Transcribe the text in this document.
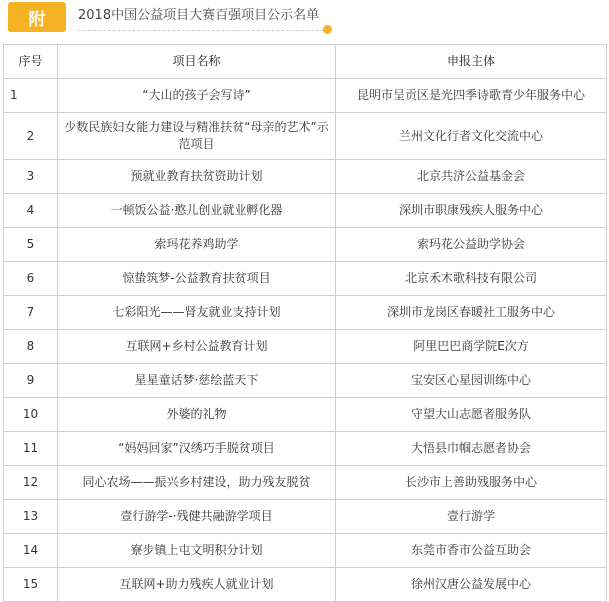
附	2018中国公益项目大赛百强项目公示名单
序号	项目名称	申报主体
1	“大山的孩子会写诗”	昆明市呈贡区是光四季诗歌青少年服务中心
2	少数民族妇女能力建设与精准扶贫“母亲的艺术”示范项目	兰州文化行者文化交流中心
3	预就业教育扶贫资助计划	北京共济公益基金会
4	一顿饭公益·憨儿创业就业孵化器	深圳市职康残疾人服务中心
5	索玛花养鸡助学	索玛花公益助学协会
6	惊蛰筑梦-公益教育扶贫项目	北京禾木歌科技有限公司
7	七彩阳光——肾友就业支持计划	深圳市龙岗区春暖社工服务中心
8	互联网+乡村公益教育计划	阿里巴巴商学院E次方
9	星星童话梦·慈绘蓝天下	宝安区心星园训练中心
10	外婆的礼物	守望大山志愿者服务队
11	“妈妈回家”汉绣巧手脱贫项目	大悟县巾帼志愿者协会
12	同心农场——振兴乡村建设，助力残友脱贫	长沙市上善助残服务中心
13	壹行游学-·残健共融游学项目	壹行游学
14	寮步镇上屯文明积分计划	东莞市香市公益互助会
15	互联网+助力残疾人就业计划	徐州汉唐公益发展中心
